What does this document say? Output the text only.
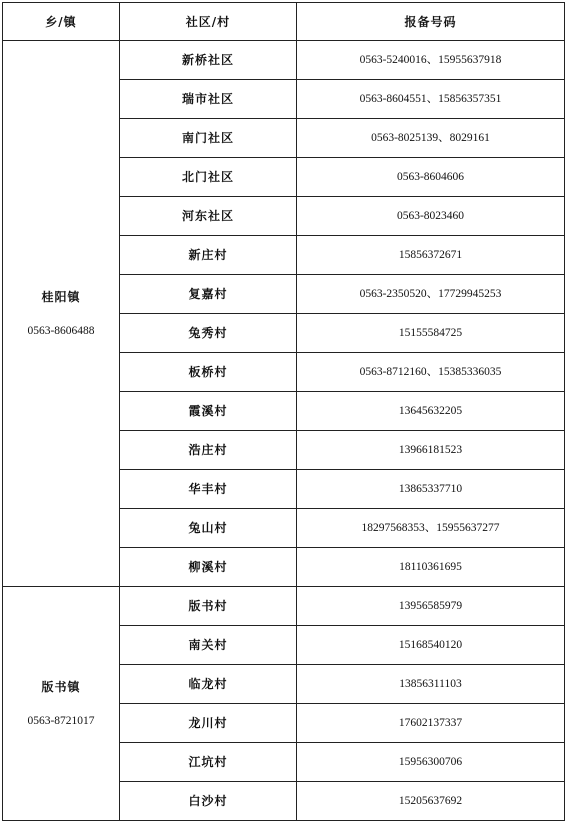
乡/镇	社区/村	报备号码

桂阳镇
0563-8606488	新桥社区	0563-5240016、15955637918
	瑞市社区	0563-8604551、15856357351
	南门社区	0563-8025139、8029161
	北门社区	0563-8604606
	河东社区	0563-8023460
	新庄村	15856372671
	复嘉村	0563-2350520、17729945253
	兔秀村	15155584725
	板桥村	0563-8712160、15385336035
	霞溪村	13645632205
	浩庄村	13966181523
	华丰村	13865337710
	兔山村	18297568353、15955637277
	柳溪村	18110361695

版书镇
0563-8721017	版书村	13956585979
	南关村	15168540120
	临龙村	13856311103
	龙川村	17602137337
	江坑村	15956300706
	白沙村	15205637692
